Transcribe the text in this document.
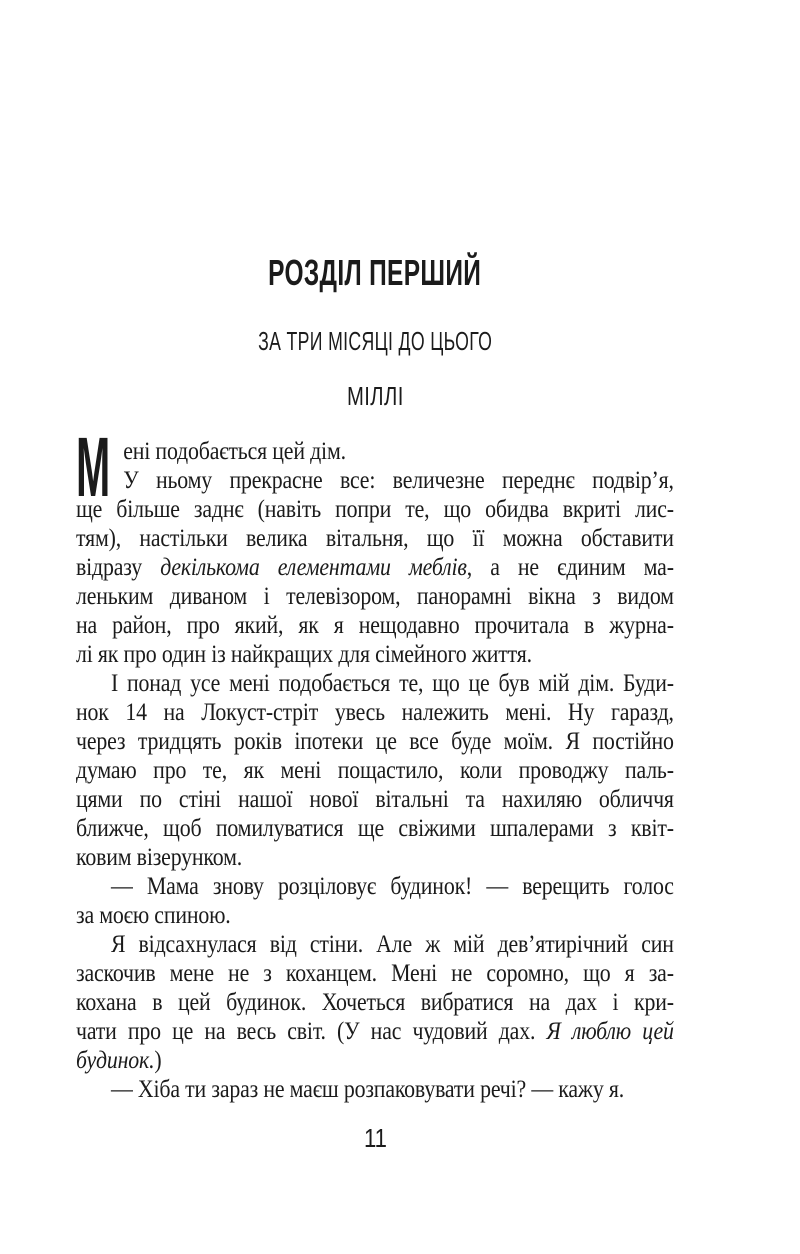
РОЗДІЛ ПЕРШИЙ
ЗА ТРИ МІСЯЦІ ДО ЦЬОГО
МІЛЛІ
М ені подобається цей дім.
У ньому прекрасне все: величезне переднє подвір’я,
ще більше заднє (навіть попри те, що обидва вкриті лис-
тям), настільки велика вітальня, що її можна обставити
відразу декількома елементами меблів, а не єдиним ма-
леньким диваном і телевізором, панорамні вікна з видом
на район, про який, як я нещодавно прочитала в журна-
лі як про один із найкращих для сімейного життя.
І понад усе мені подобається те, що це був мій дім. Буди-
нок 14 на Локуст-стріт увесь належить мені. Ну гаразд,
через тридцять років іпотеки це все буде моїм. Я постійно
думаю про те, як мені пощастило, коли проводжу паль-
цями по стіні нашої нової вітальні та нахиляю обличчя
ближче, щоб помилуватися ще свіжими шпалерами з квіт-
ковим візерунком.
— Мама знову розціловує будинок! — верещить голос
за моєю спиною.
Я відсахнулася від стіни. Але ж мій дев’ятирічний син
заскочив мене не з коханцем. Мені не соромно, що я за-
кохана в цей будинок. Хочеться вибратися на дах і кри-
чати про це на весь світ. (У нас чудовий дах. Я люблю цей
будинок.)
— Хіба ти зараз не маєш розпаковувати речі? — кажу я.
11
